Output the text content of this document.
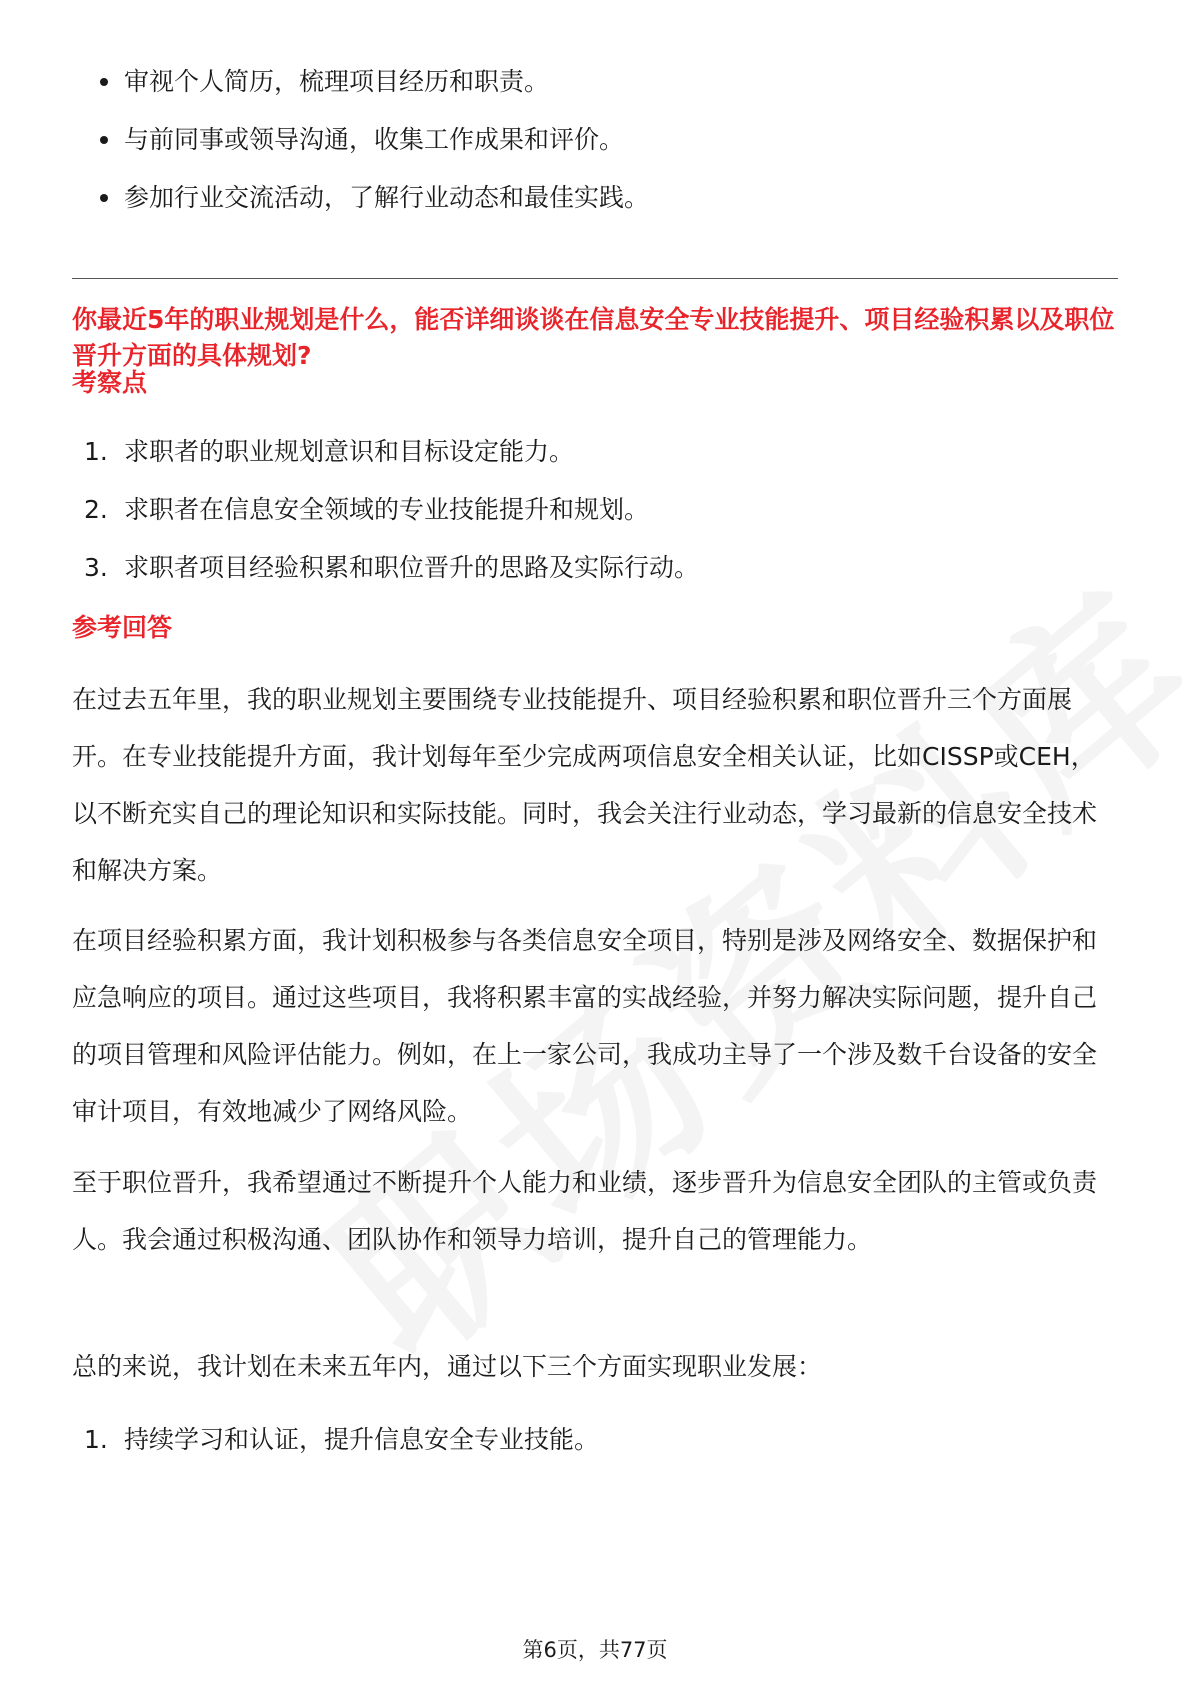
审视个人简历，梳理项目经历和职责。
与前同事或领导沟通，收集工作成果和评价。
参加行业交流活动，了解行业动态和最佳实践。
你最近5年的职业规划是什么，能否详细谈谈在信息安全专业技能提升、项目经验积累以及职位晋升方面的具体规划?
考察点
1. 求职者的职业规划意识和目标设定能力。
2. 求职者在信息安全领域的专业技能提升和规划。
3. 求职者项目经验积累和职位晋升的思路及实际行动。
参考回答

在过去五年里，我的职业规划主要围绕专业技能提升、项目经验积累和职位晋升三个方面展开。在专业技能提升方面，我计划每年至少完成两项信息安全相关认证，比如CISSP或CEH，以不断充实自己的理论知识和实际技能。同时，我会关注行业动态，学习最新的信息安全技术和解决方案。

在项目经验积累方面，我计划积极参与各类信息安全项目，特别是涉及网络安全、数据保护和应急响应的项目。通过这些项目，我将积累丰富的实战经验，并努力解决实际问题，提升自己的项目管理和风险评估能力。例如，在上一家公司，我成功主导了一个涉及数千台设备的安全审计项目，有效地减少了网络风险。

至于职位晋升，我希望通过不断提升个人能力和业绩，逐步晋升为信息安全团队的主管或负责人。我会通过积极沟通、团队协作和领导力培训，提升自己的管理能力。

总的来说，我计划在未来五年内，通过以下三个方面实现职业发展：

1. 持续学习和认证，提升信息安全专业技能。
第6页，共77页
